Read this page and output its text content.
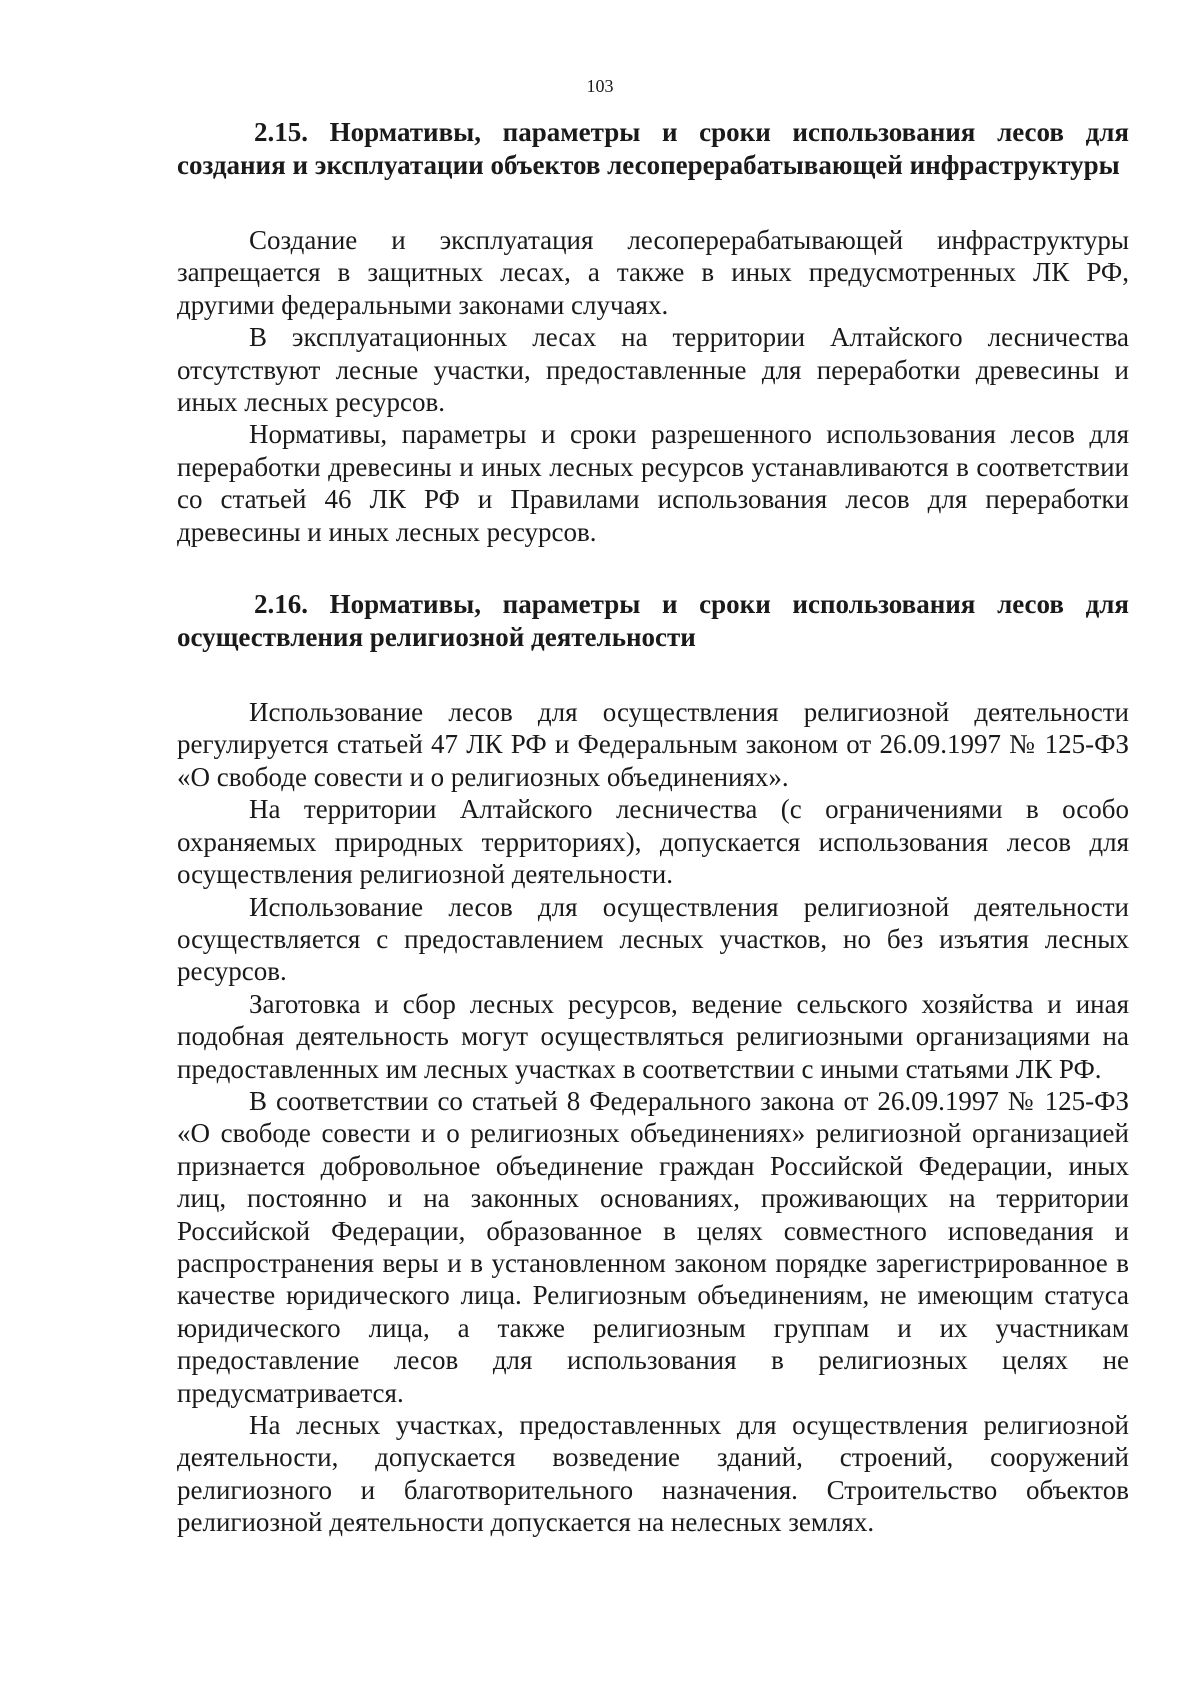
103
2.15. Нормативы, параметры и сроки использования лесов для создания и эксплуатации объектов лесоперерабатывающей инфраструктуры

Создание и эксплуатация лесоперерабатывающей инфраструктуры запрещается в защитных лесах, а также в иных предусмотренных ЛК РФ, другими федеральными законами случаях.

В эксплуатационных лесах на территории Алтайского лесничества отсутствуют лесные участки, предоставленные для переработки древесины и иных лесных ресурсов.

Нормативы, параметры и сроки разрешенного использования лесов для переработки древесины и иных лесных ресурсов устанавливаются в соответствии со статьей 46 ЛК РФ и Правилами использования лесов для переработки древесины и иных лесных ресурсов.

2.16. Нормативы, параметры и сроки использования лесов для осуществления религиозной деятельности

Использование лесов для осуществления религиозной деятельности регулируется статьей 47 ЛК РФ и Федеральным законом от 26.09.1997 № 125-ФЗ «О свободе совести и о религиозных объединениях».

На территории Алтайского лесничества (с ограничениями в особо охраняемых природных территориях), допускается использования лесов для осуществления религиозной деятельности.

Использование лесов для осуществления религиозной деятельности осуществляется с предоставлением лесных участков, но без изъятия лесных ресурсов.

Заготовка и сбор лесных ресурсов, ведение сельского хозяйства и иная подобная деятельность могут осуществляться религиозными организациями на предоставленных им лесных участках в соответствии с иными статьями ЛК РФ.

В соответствии со статьей 8 Федерального закона от 26.09.1997 № 125-ФЗ «О свободе совести и о религиозных объединениях» религиозной организацией признается добровольное объединение граждан Российской Федерации, иных лиц, постоянно и на законных основаниях, проживающих на территории Российской Федерации, образованное в целях совместного исповедания и распространения веры и в установленном законом порядке зарегистрированное в качестве юридического лица. Религиозным объединениям, не имеющим статуса юридического лица, а также религиозным группам и их участникам предоставление лесов для использования в религиозных целях не предусматривается.

На лесных участках, предоставленных для осуществления религиозной деятельности, допускается возведение зданий, строений, сооружений религиозного и благотворительного назначения. Строительство объектов религиозной деятельности допускается на нелесных землях.
